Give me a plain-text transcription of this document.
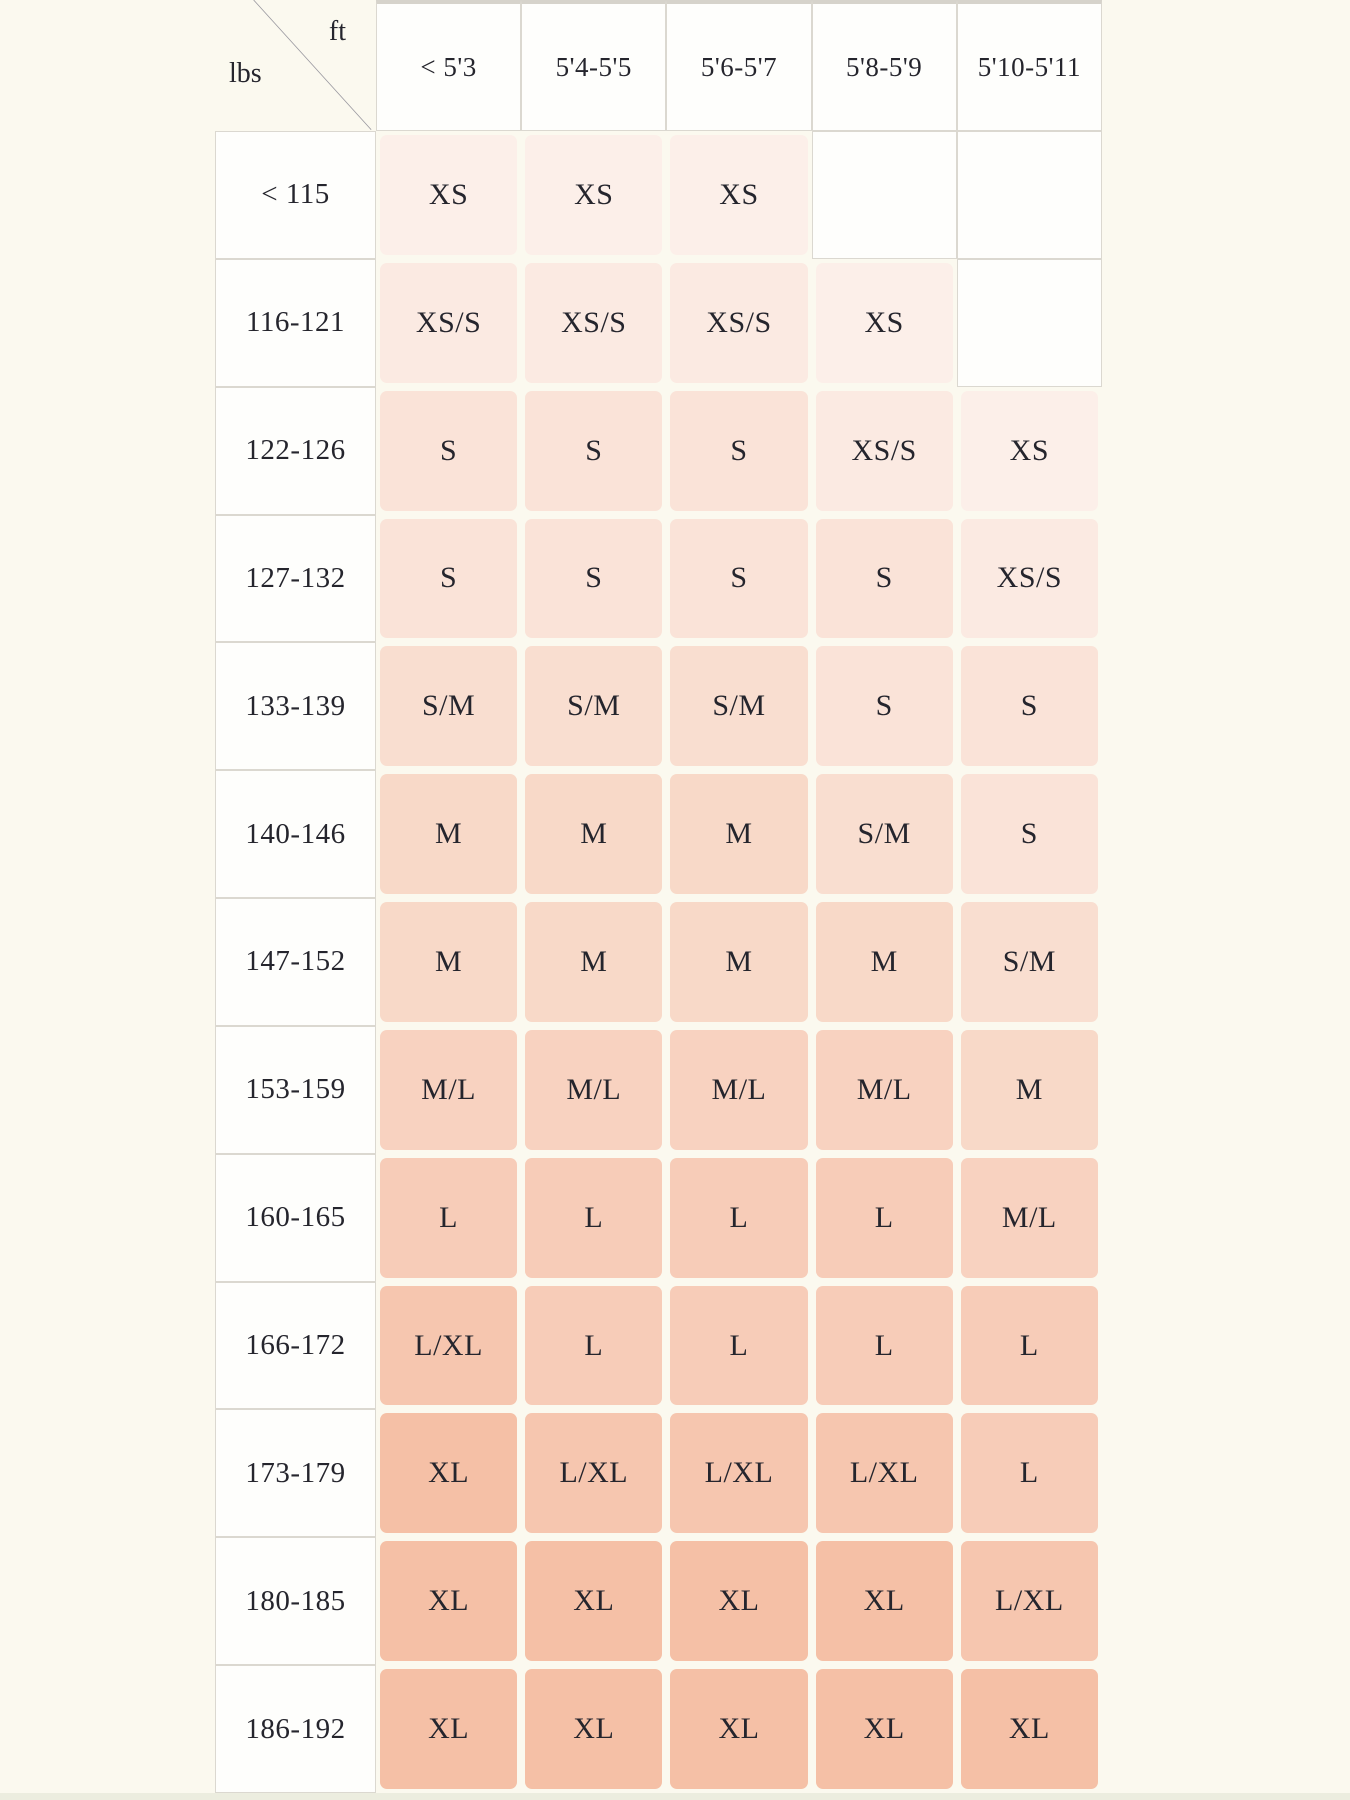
ft
lbs	< 5'3	5'4-5'5	5'6-5'7	5'8-5'9 5'10-5'11
< 115	XS	XS	XS
116-121	XS/S	XS/S	XS/S	XS
122-126	S	S	S	XS/S	XS
127-132	S	S	S	S	XS/S
133-139	S/M	S/M	S/M	S	S
140-146	M	M	M	S/M	S
147-152	M	M	M	M	S/M
153-159	M/L	M/L	M/L	M/L	M
160-165	L	L	L	L	M/L
166-172	L/XL	L	L	L	L
173-179	XL	L/XL	L/XL	L/XL	L
180-185	XL	XL	XL	XL	L/XL
186-192	XL	XL	XL	XL	XL
